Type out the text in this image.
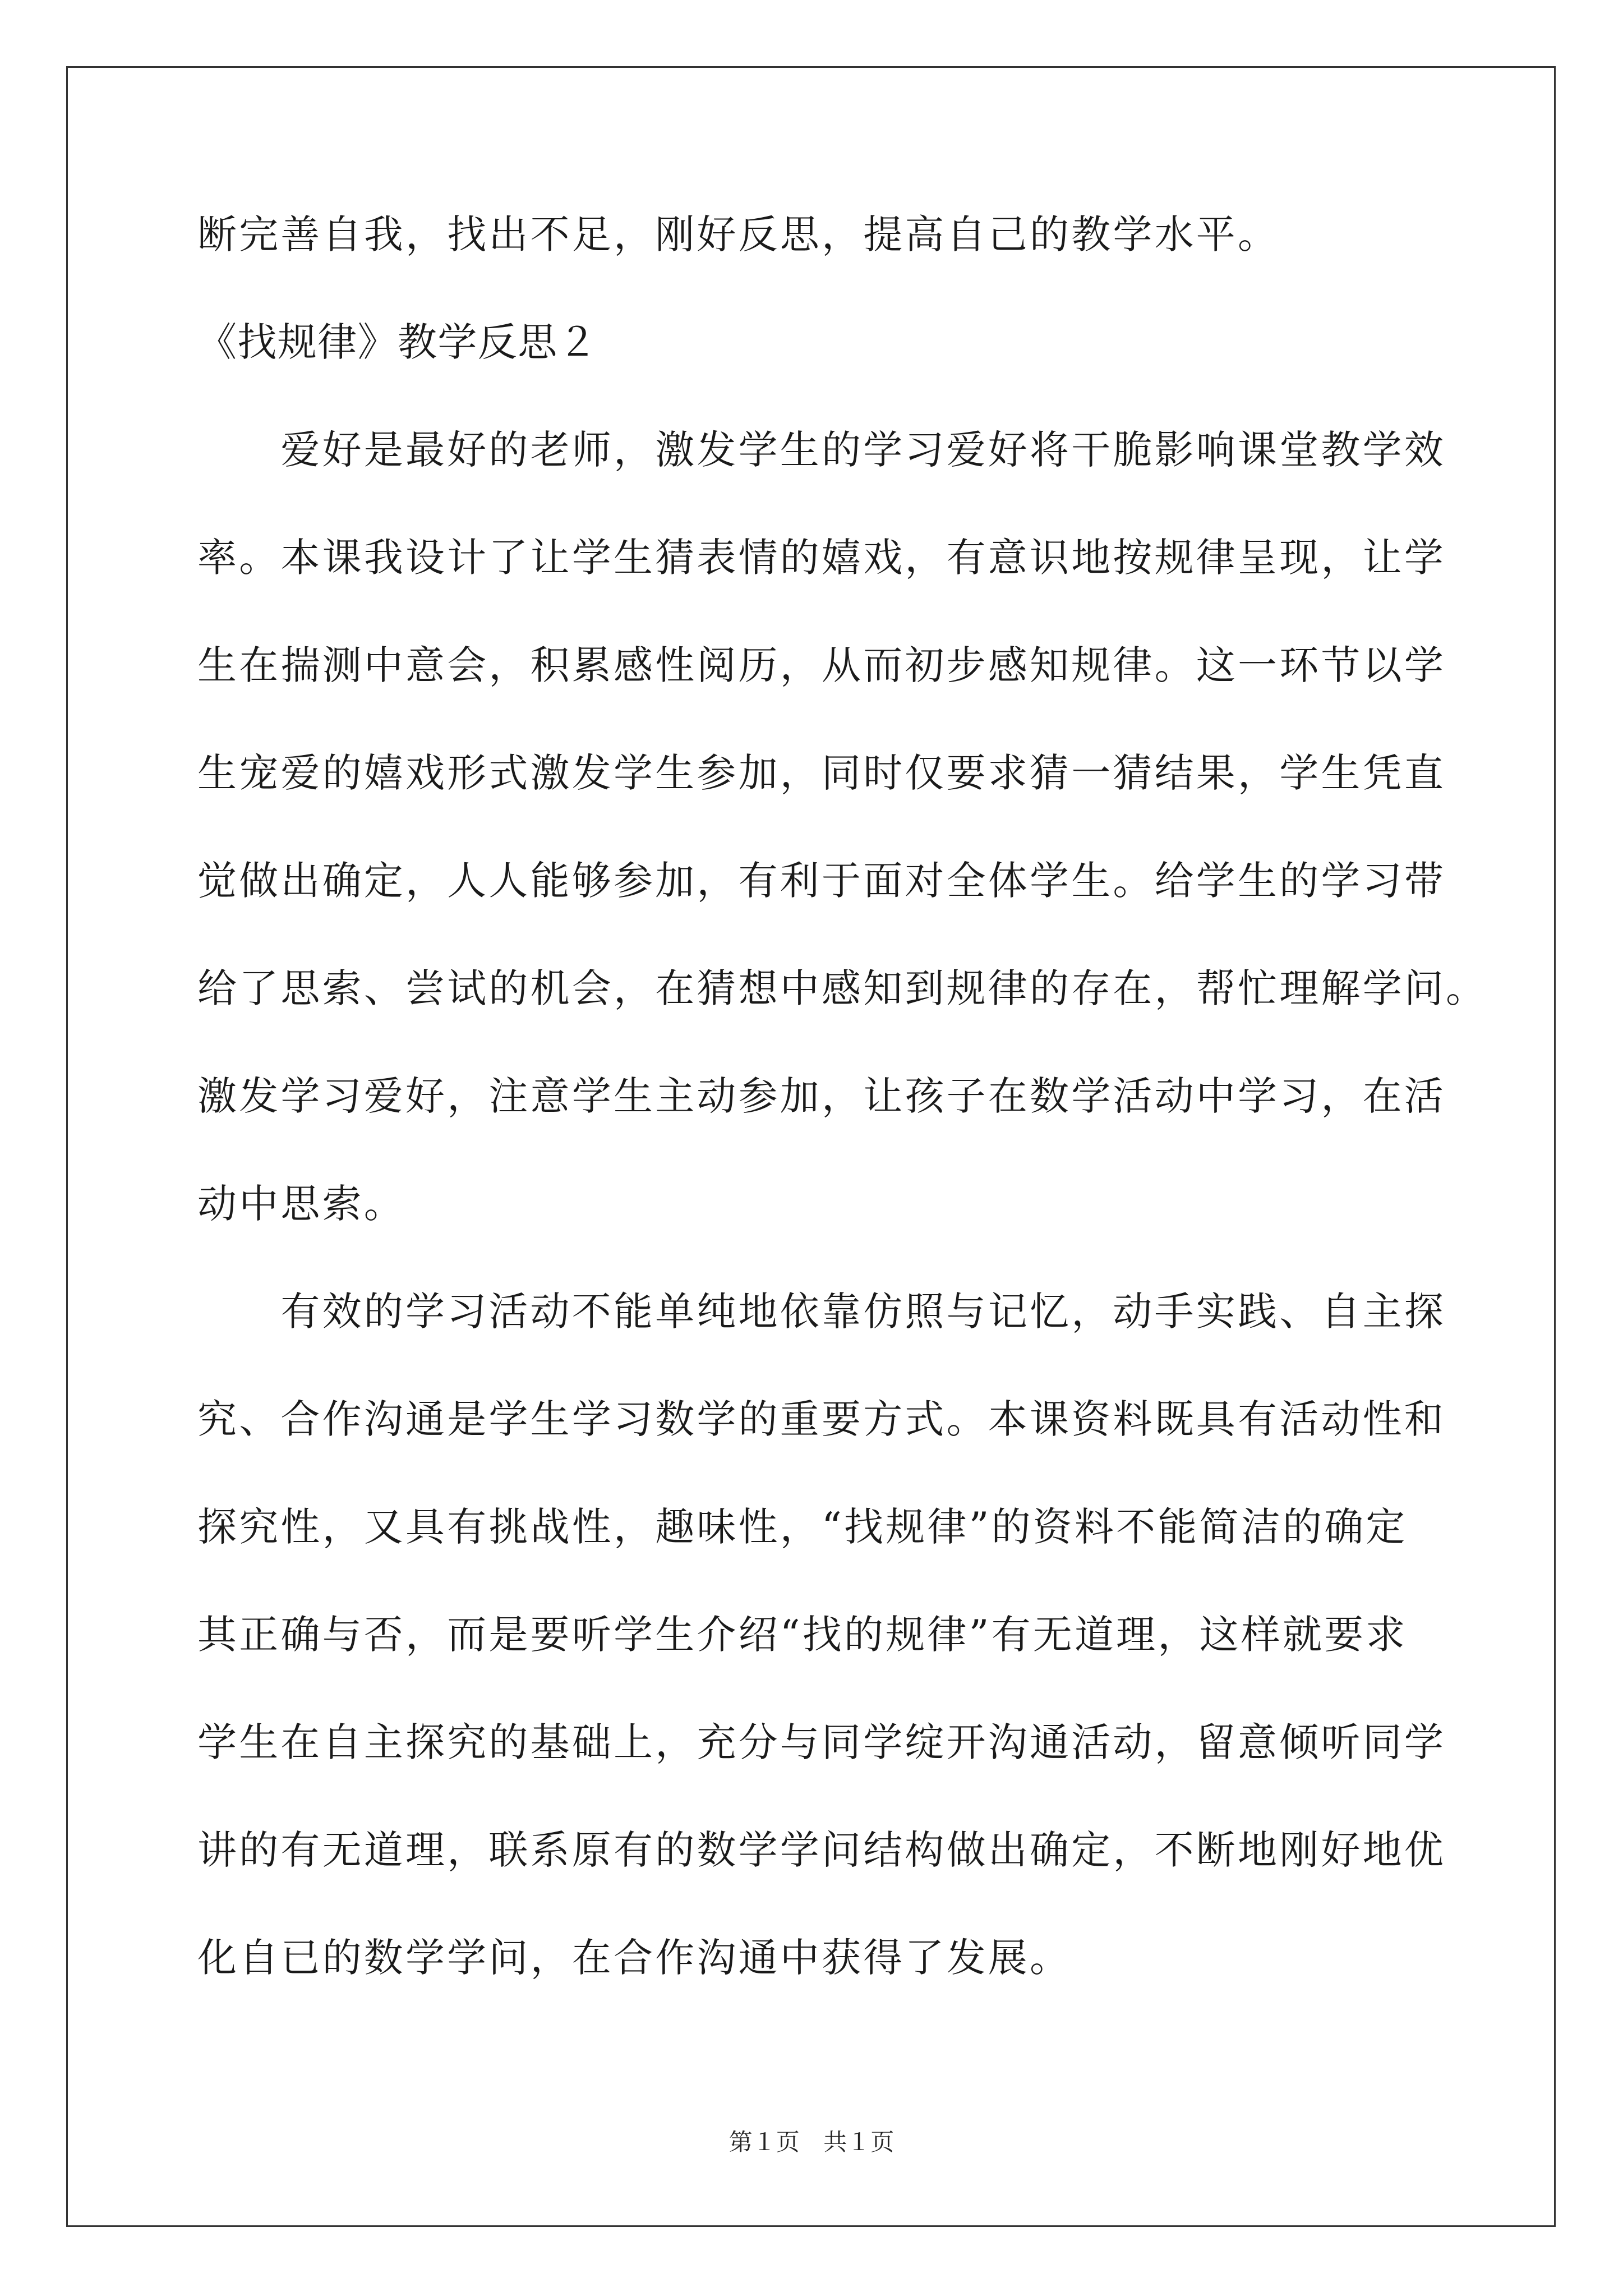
断完善自我，找出不足，刚好反思，提高自己的教学水平。
《找规律》教学反思２
　　爱好是最好的老师，激发学生的学习爱好将干脆影响课堂教学效
率。本课我设计了让学生猜表情的嬉戏，有意识地按规律呈现，让学
生在揣测中意会，积累感性阅历，从而初步感知规律。这一环节以学
生宠爱的嬉戏形式激发学生参加，同时仅要求猜一猜结果，学生凭直
觉做出确定，人人能够参加，有利于面对全体学生。给学生的学习带
给了思索、尝试的机会，在猜想中感知到规律的存在，帮忙理解学问。
激发学习爱好，注意学生主动参加，让孩子在数学活动中学习，在活
动中思索。
　　有效的学习活动不能单纯地依靠仿照与记忆，动手实践、自主探
究、合作沟通是学生学习数学的重要方式。本课资料既具有活动性和
探究性，又具有挑战性，趣味性，“找规律”的资料不能简洁的确定
其正确与否，而是要听学生介绍“找的规律”有无道理，这样就要求
学生在自主探究的基础上，充分与同学绽开沟通活动，留意倾听同学
讲的有无道理，联系原有的数学学问结构做出确定，不断地刚好地优
化自已的数学学问，在合作沟通中获得了发展。
第１页 共１页
